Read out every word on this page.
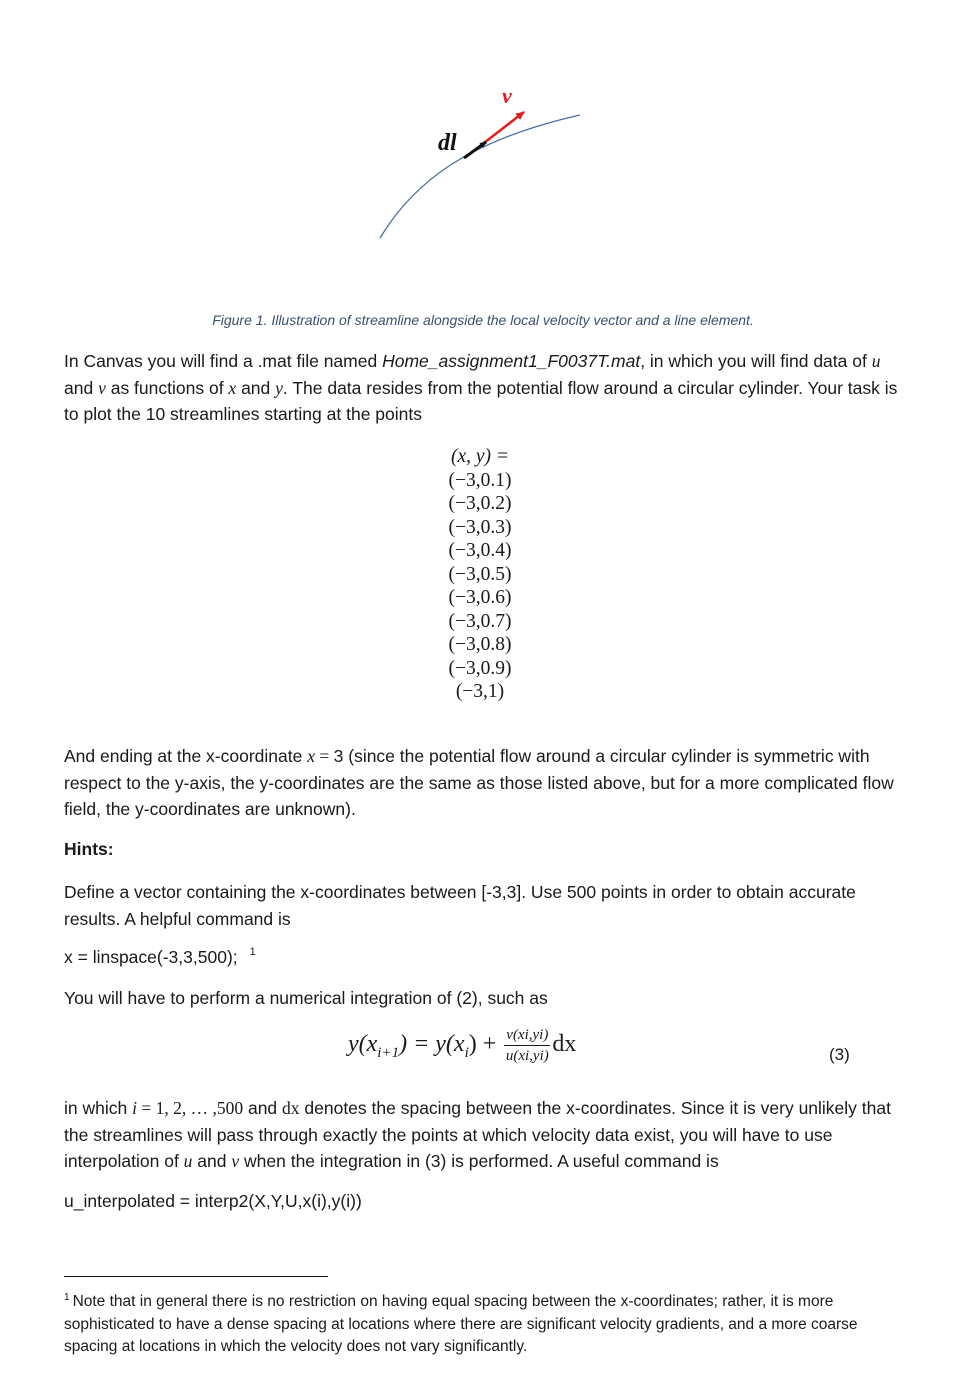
dl
v
Figure 1. Illustration of streamline alongside the local velocity vector and a line element.
In Canvas you will find a .mat file named Home_assignment1_F0037T.mat, in which you will find data of u and v as functions of x and y. The data resides from the potential flow around a circular cylinder. Your task is to plot the 10 streamlines starting at the points
(x, y) =
(−3,0.1)
(−3,0.2)
(−3,0.3)
(−3,0.4)
(−3,0.5)
(−3,0.6)
(−3,0.7)
(−3,0.8)
(−3,0.9)
(−3,1)
And ending at the x-coordinate x = 3 (since the potential flow around a circular cylinder is symmetric with respect to the y-axis, the y-coordinates are the same as those listed above, but for a more complicated flow field, the y-coordinates are unknown).
Hints:
Define a vector containing the x-coordinates between [-3,3]. Use 500 points in order to obtain accurate results. A helpful command is
x = linspace(-3,3,500); $^1$
You will have to perform a numerical integration of (2), such as
$y(x_{i+1}) = y(x_i) + \frac{v(xi,yi)}{u(xi,yi)}$ dx	(3)
in which i = 1, 2, … ,500 and dx denotes the spacing between the x-coordinates. Since it is very unlikely that the streamlines will pass through exactly the points at which velocity data exist, you will have to use interpolation of u and v when the integration in (3) is performed. A useful command is
u_interpolated = interp2(X,Y,U,x(i),y(i))
$^1$ Note that in general there is no restriction on having equal spacing between the x-coordinates; rather, it is more sophisticated to have a dense spacing at locations where there are significant velocity gradients, and a more coarse spacing at locations in which the velocity does not vary significantly.
